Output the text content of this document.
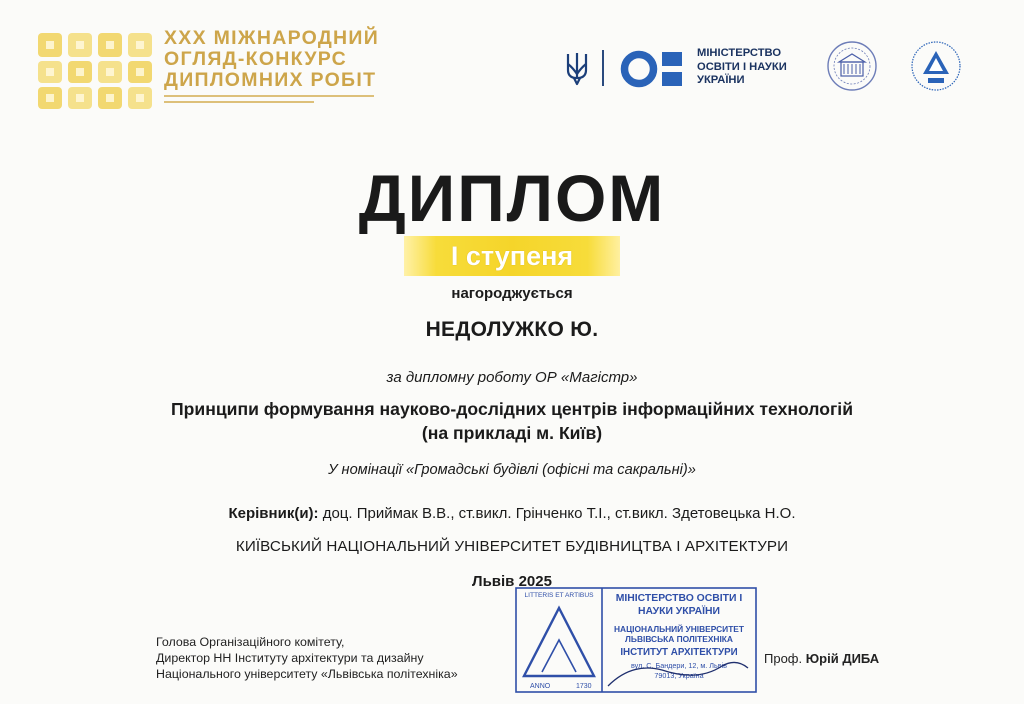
XXX МІЖНАРОДНИЙ
ОГЛЯД-КОНКУРС
ДИПЛОМНИХ РОБІТ
МІНІСТЕРСТВО
ОСВІТИ І НАУКИ
УКРАЇНИ
ДИПЛОМ
I ступеня
нагороджується
НЕДОЛУЖКО Ю.
за дипломну роботу ОР «Магістр»
Принципи формування науково-дослідних центрів інформаційних технологій
(на прикладі м. Київ)
У номінації «Громадські будівлі (офісні та сакральні)»
Керівник(и): доц. Приймак В.В., ст.викл. Грінченко Т.І., ст.викл. Здетовецька Н.О.
КИЇВСЬКИЙ НАЦІОНАЛЬНИЙ УНІВЕРСИТЕТ БУДІВНИЦТВА І АРХІТЕКТУРИ
Львів 2025
Голова Організаційного комітету,
Директор НН Інституту архітектури та дизайну
Національного університету «Львівська політехніка»
LITTERIS ET ARTIBUS
ANNO	1730
МІНІСТЕРСТВО ОСВІТИ І
НАУКИ УКРАЇНИ
НАЦІОНАЛЬНИЙ УНІВЕРСИТЕТ
ЛЬВІВСЬКА ПОЛІТЕХНІКА
ІНСТИТУТ АРХІТЕКТУРИ
вул. С. Бандери, 12, м. Львів
79013, Україна
Проф. Юрій ДИБА
